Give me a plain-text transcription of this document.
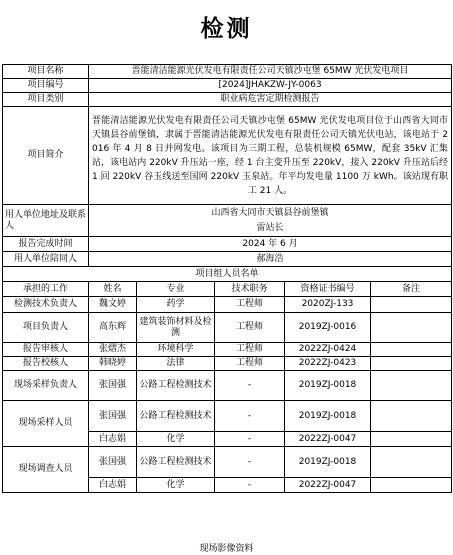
检测
项目名称	晋能清洁能源光伏发电有限责任公司天镇沙屯堡 65MW 光伏发电项目				
项目编号	[2024]JHAKZW-JY-0063				
项目类别	职业病危害定期检测报告				
项目简介	晋能清洁能源光伏发电有限责任公司天镇沙屯堡 65MW 光伏发电项目位于山西省大同市天镇县谷前堡镇，隶属于晋能清洁能源光伏发电有限责任公司天镇光伏电站，该电站于 2016 年 4 月 8 日并网发电。该项目为三期工程，总装机规模 65MW，配套 35kV 汇集站，该电站内 220kV 升压站一座，经 1 台主变升压至 220kV，接入 220kV 升压站后经 1 回 220kV 谷玉线送至国网 220kV 玉泉站。年平均发电量 1100 万 kWh。该站现有职工 21 人。				
用人单位地址及联系人	山西省大同市天镇县谷前堡镇
雷站长				

报告完成时间	2024 年 6 月				
用人单位陪同人	郝海浩				
项目组人员名单					
承担的工作	姓名	专业	技术职务	资格证书编号	备注
检测技术负责人	魏文婷	药学	工程师	2020ZJ-133	
项目负责人	高东辉	建筑装饰材料及检测	工程师	2019ZJ-0016	
报告审核人	张熠杰	环境科学	工程师	2022ZJ-0424	
报告校核人	韩晓婷	法律	工程师	2022ZJ-0423	
现场采样负责人	张国强	公路工程检测技术	-	2019ZJ-0018	
现场采样人员	张国强	公路工程检测技术	-	2019ZJ-0018	
	白志娟	化学	-	2022ZJ-0047	
现场调查人员	张国强	公路工程检测技术	-	2019ZJ-0018	
	白志娟	化学	-	2022ZJ-0047	
现场影像资料
